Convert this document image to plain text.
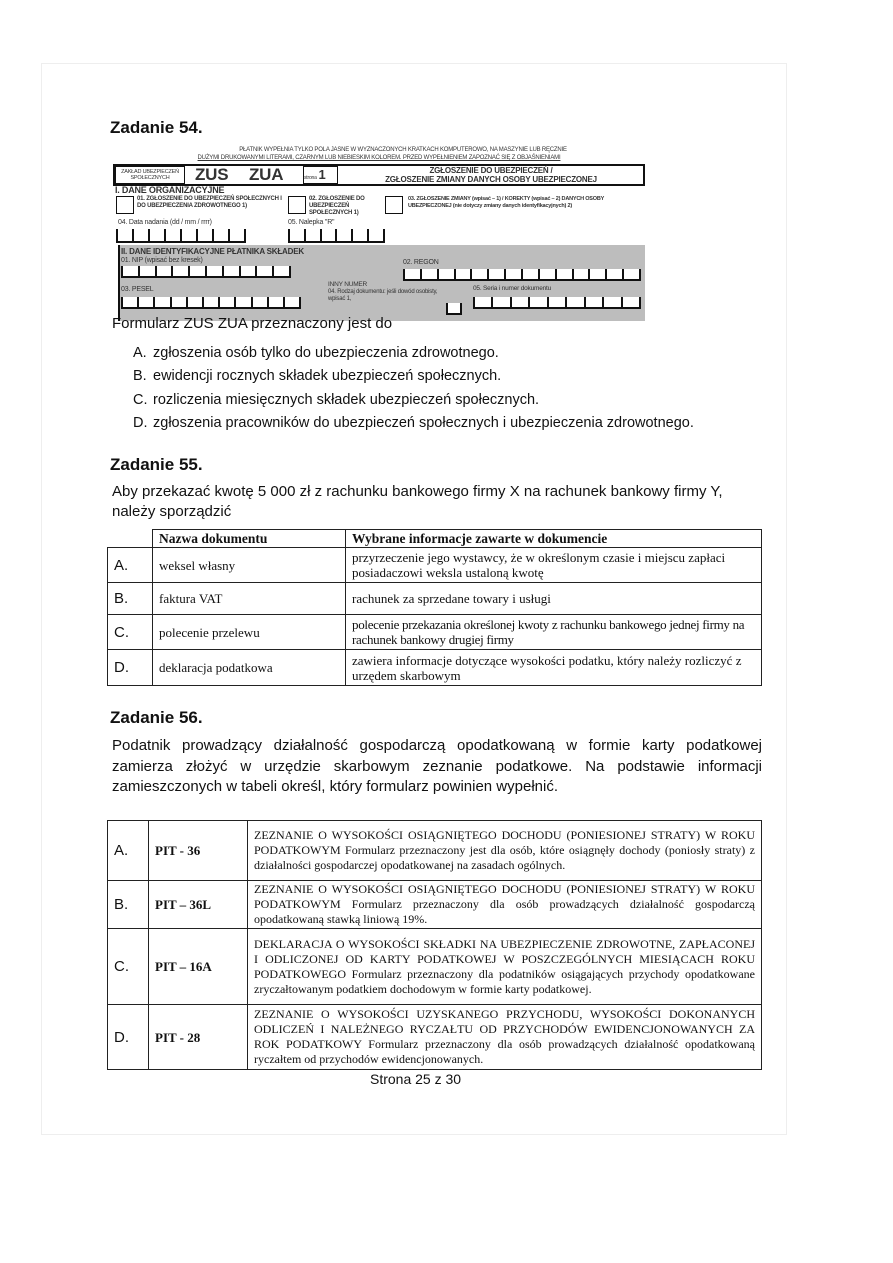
Zadanie 54.
PŁATNIK WYPEŁNIA TYLKO POLA JASNE W WYZNACZONYCH KRATKACH KOMPUTEROWO, NA MASZYNIE LUB RĘCZNIE
DUŻYMI DRUKOWANYMI LITERAMI, CZARNYM LUB NIEBIESKIM KOLOREM. PRZED WYPEŁNIENIEM ZAPOZNAĆ SIĘ Z OBJAŚNIENIAMI
ZAKŁAD UBEZPIECZEŃ SPOŁECZNYCH	ZUS ZUA	strona 1	ZGŁOSZENIE DO UBEZPIECZEŃ /
ZGŁOSZENIE ZMIANY DANYCH OSOBY UBEZPIECZONEJ
I. DANE ORGANIZACYJNE
01. ZGŁOSZENIE DO UBEZPIECZEŃ SPOŁECZNYCH I DO UBEZPIECZENIA ZDROWOTNEGO 1)
02. ZGŁOSZENIE DO UBEZPIECZEŃ SPOŁECZNYCH 1)
03. ZGŁOSZENIE ZMIANY (wpisać – 1) / KOREKTY (wpisać – 2) DANYCH OSOBY UBEZPIECZONEJ (nie dotyczy zmiany danych identyfikacyjnych) 2)
04. Data nadania (dd / mm / rrrr)	05. Nalepka "R"
II. DANE IDENTYFIKACYJNE PŁATNIKA SKŁADEK
01. NIP (wpisać bez kresek)	02. REGON
03. PESEL
INNY NUMER
04. Rodzaj dokumentu: jeśli dowód osobisty, wpisać 1,
05. Seria i numer dokumentu
Formularz ZUS ZUA przeznaczony jest do
A. zgłoszenia osób tylko do ubezpieczenia zdrowotnego.
B. ewidencji rocznych składek ubezpieczeń społecznych.
C. rozliczenia miesięcznych składek ubezpieczeń społecznych.
D. zgłoszenia pracowników do ubezpieczeń społecznych i ubezpieczenia zdrowotnego.
Zadanie 55.
Aby przekazać kwotę 5 000 zł z rachunku bankowego firmy X na rachunek bankowy firmy Y, należy sporządzić
	Nazwa dokumentu	Wybrane informacje zawarte w dokumencie
A.	weksel własny	przyrzeczenie jego wystawcy, że w określonym czasie i miejscu zapłaci posiadaczowi weksla ustaloną kwotę
B.	faktura VAT	rachunek za sprzedane towary i usługi
C.	polecenie przelewu	polecenie przekazania określonej kwoty z rachunku bankowego jednej firmy na rachunek bankowy drugiej firmy
D.	deklaracja podatkowa	zawiera informacje dotyczące wysokości podatku, który należy rozliczyć z urzędem skarbowym
Zadanie 56.
Podatnik prowadzący działalność gospodarczą opodatkowaną w formie karty podatkowej zamierza złożyć w urzędzie skarbowym zeznanie podatkowe. Na podstawie informacji zamieszczonych w tabeli określ, który formularz powinien wypełnić.
A.	PIT - 36	ZEZNANIE O WYSOKOŚCI OSIĄGNIĘTEGO DOCHODU (PONIESIONEJ STRATY) W ROKU PODATKOWYM Formularz przeznaczony jest dla osób, które osiągnęły dochody (poniosły straty) z działalności gospodarczej opodatkowanej na zasadach ogólnych.
B.	PIT – 36L	ZEZNANIE O WYSOKOŚCI OSIĄGNIĘTEGO DOCHODU (PONIESIONEJ STRATY) W ROKU PODATKOWYM Formularz przeznaczony dla osób prowadzących działalność gospodarczą opodatkowaną stawką liniową 19%.
C.	PIT – 16A	DEKLARACJA O WYSOKOŚCI SKŁADKI NA UBEZPIECZENIE ZDROWOTNE, ZAPŁACONEJ I ODLICZONEJ OD KARTY PODATKOWEJ W POSZCZEGÓLNYCH MIESIĄCACH ROKU PODATKOWEGO Formularz przeznaczony dla podatników osiągających przychody opodatkowane zryczałtowanym podatkiem dochodowym w formie karty podatkowej.
D.	PIT - 28	ZEZNANIE O WYSOKOŚCI UZYSKANEGO PRZYCHODU, WYSOKOŚCI DOKONANYCH ODLICZEŃ I NALEŻNEGO RYCZAŁTU OD PRZYCHODÓW EWIDENCJONOWANYCH ZA ROK PODATKOWY Formularz przeznaczony dla osób prowadzących działalność opodatkowaną ryczałtem od przychodów ewidencjonowanych.
Strona 25 z 30
